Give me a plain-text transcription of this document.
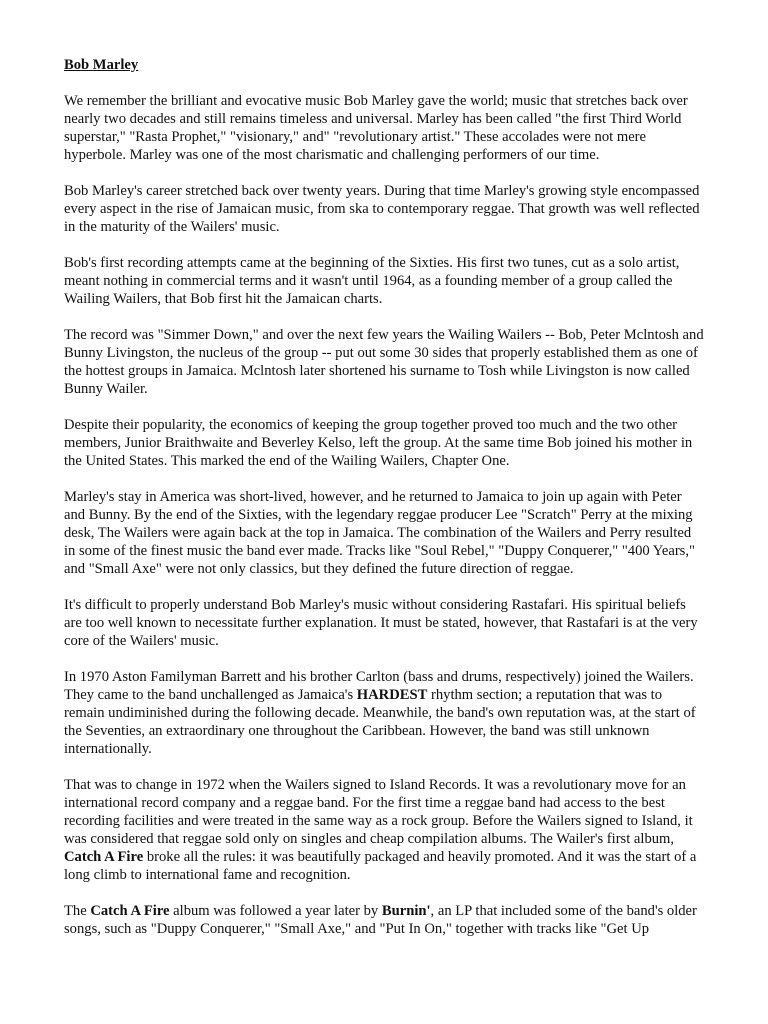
Bob Marley

We remember the brilliant and evocative music Bob Marley gave the world; music that stretches back over nearly two decades and still remains timeless and universal. Marley has been called "the first Third World superstar," "Rasta Prophet," "visionary," and" "revolutionary artist." These accolades were not mere hyperbole. Marley was one of the most charismatic and challenging performers of our time.

Bob Marley's career stretched back over twenty years. During that time Marley's growing style encompassed every aspect in the rise of Jamaican music, from ska to contemporary reggae. That growth was well reflected in the maturity of the Wailers' music.

Bob's first recording attempts came at the beginning of the Sixties. His first two tunes, cut as a solo artist, meant nothing in commercial terms and it wasn't until 1964, as a founding member of a group called the Wailing Wailers, that Bob first hit the Jamaican charts.

The record was "Simmer Down," and over the next few years the Wailing Wailers -- Bob, Peter Mclntosh and Bunny Livingston, the nucleus of the group -- put out some 30 sides that properly established them as one of the hottest groups in Jamaica. Mclntosh later shortened his surname to Tosh while Livingston is now called Bunny Wailer.

Despite their popularity, the economics of keeping the group together proved too much and the two other members, Junior Braithwaite and Beverley Kelso, left the group. At the same time Bob joined his mother in the United States. This marked the end of the Wailing Wailers, Chapter One.

Marley's stay in America was short-lived, however, and he returned to Jamaica to join up again with Peter and Bunny. By the end of the Sixties, with the legendary reggae producer Lee "Scratch" Perry at the mixing desk, The Wailers were again back at the top in Jamaica. The combination of the Wailers and Perry resulted in some of the finest music the band ever made. Tracks like "Soul Rebel," "Duppy Conquerer," "400 Years," and "Small Axe" were not only classics, but they defined the future direction of reggae.

It's difficult to properly understand Bob Marley's music without considering Rastafari. His spiritual beliefs are too well known to necessitate further explanation. It must be stated, however, that Rastafari is at the very core of the Wailers' music.

In 1970 Aston Familyman Barrett and his brother Carlton (bass and drums, respectively) joined the Wailers. They came to the band unchallenged as Jamaica's HARDEST rhythm section; a reputation that was to remain undiminished during the following decade. Meanwhile, the band's own reputation was, at the start of the Seventies, an extraordinary one throughout the Caribbean. However, the band was still unknown internationally.

That was to change in 1972 when the Wailers signed to Island Records. It was a revolutionary move for an international record company and a reggae band. For the first time a reggae band had access to the best recording facilities and were treated in the same way as a rock group. Before the Wailers signed to Island, it was considered that reggae sold only on singles and cheap compilation albums. The Wailer's first album, Catch A Fire broke all the rules: it was beautifully packaged and heavily promoted. And it was the start of a long climb to international fame and recognition.

The Catch A Fire album was followed a year later by Burnin', an LP that included some of the band's older songs, such as "Duppy Conquerer," "Small Axe," and "Put In On," together with tracks like "Get Up
